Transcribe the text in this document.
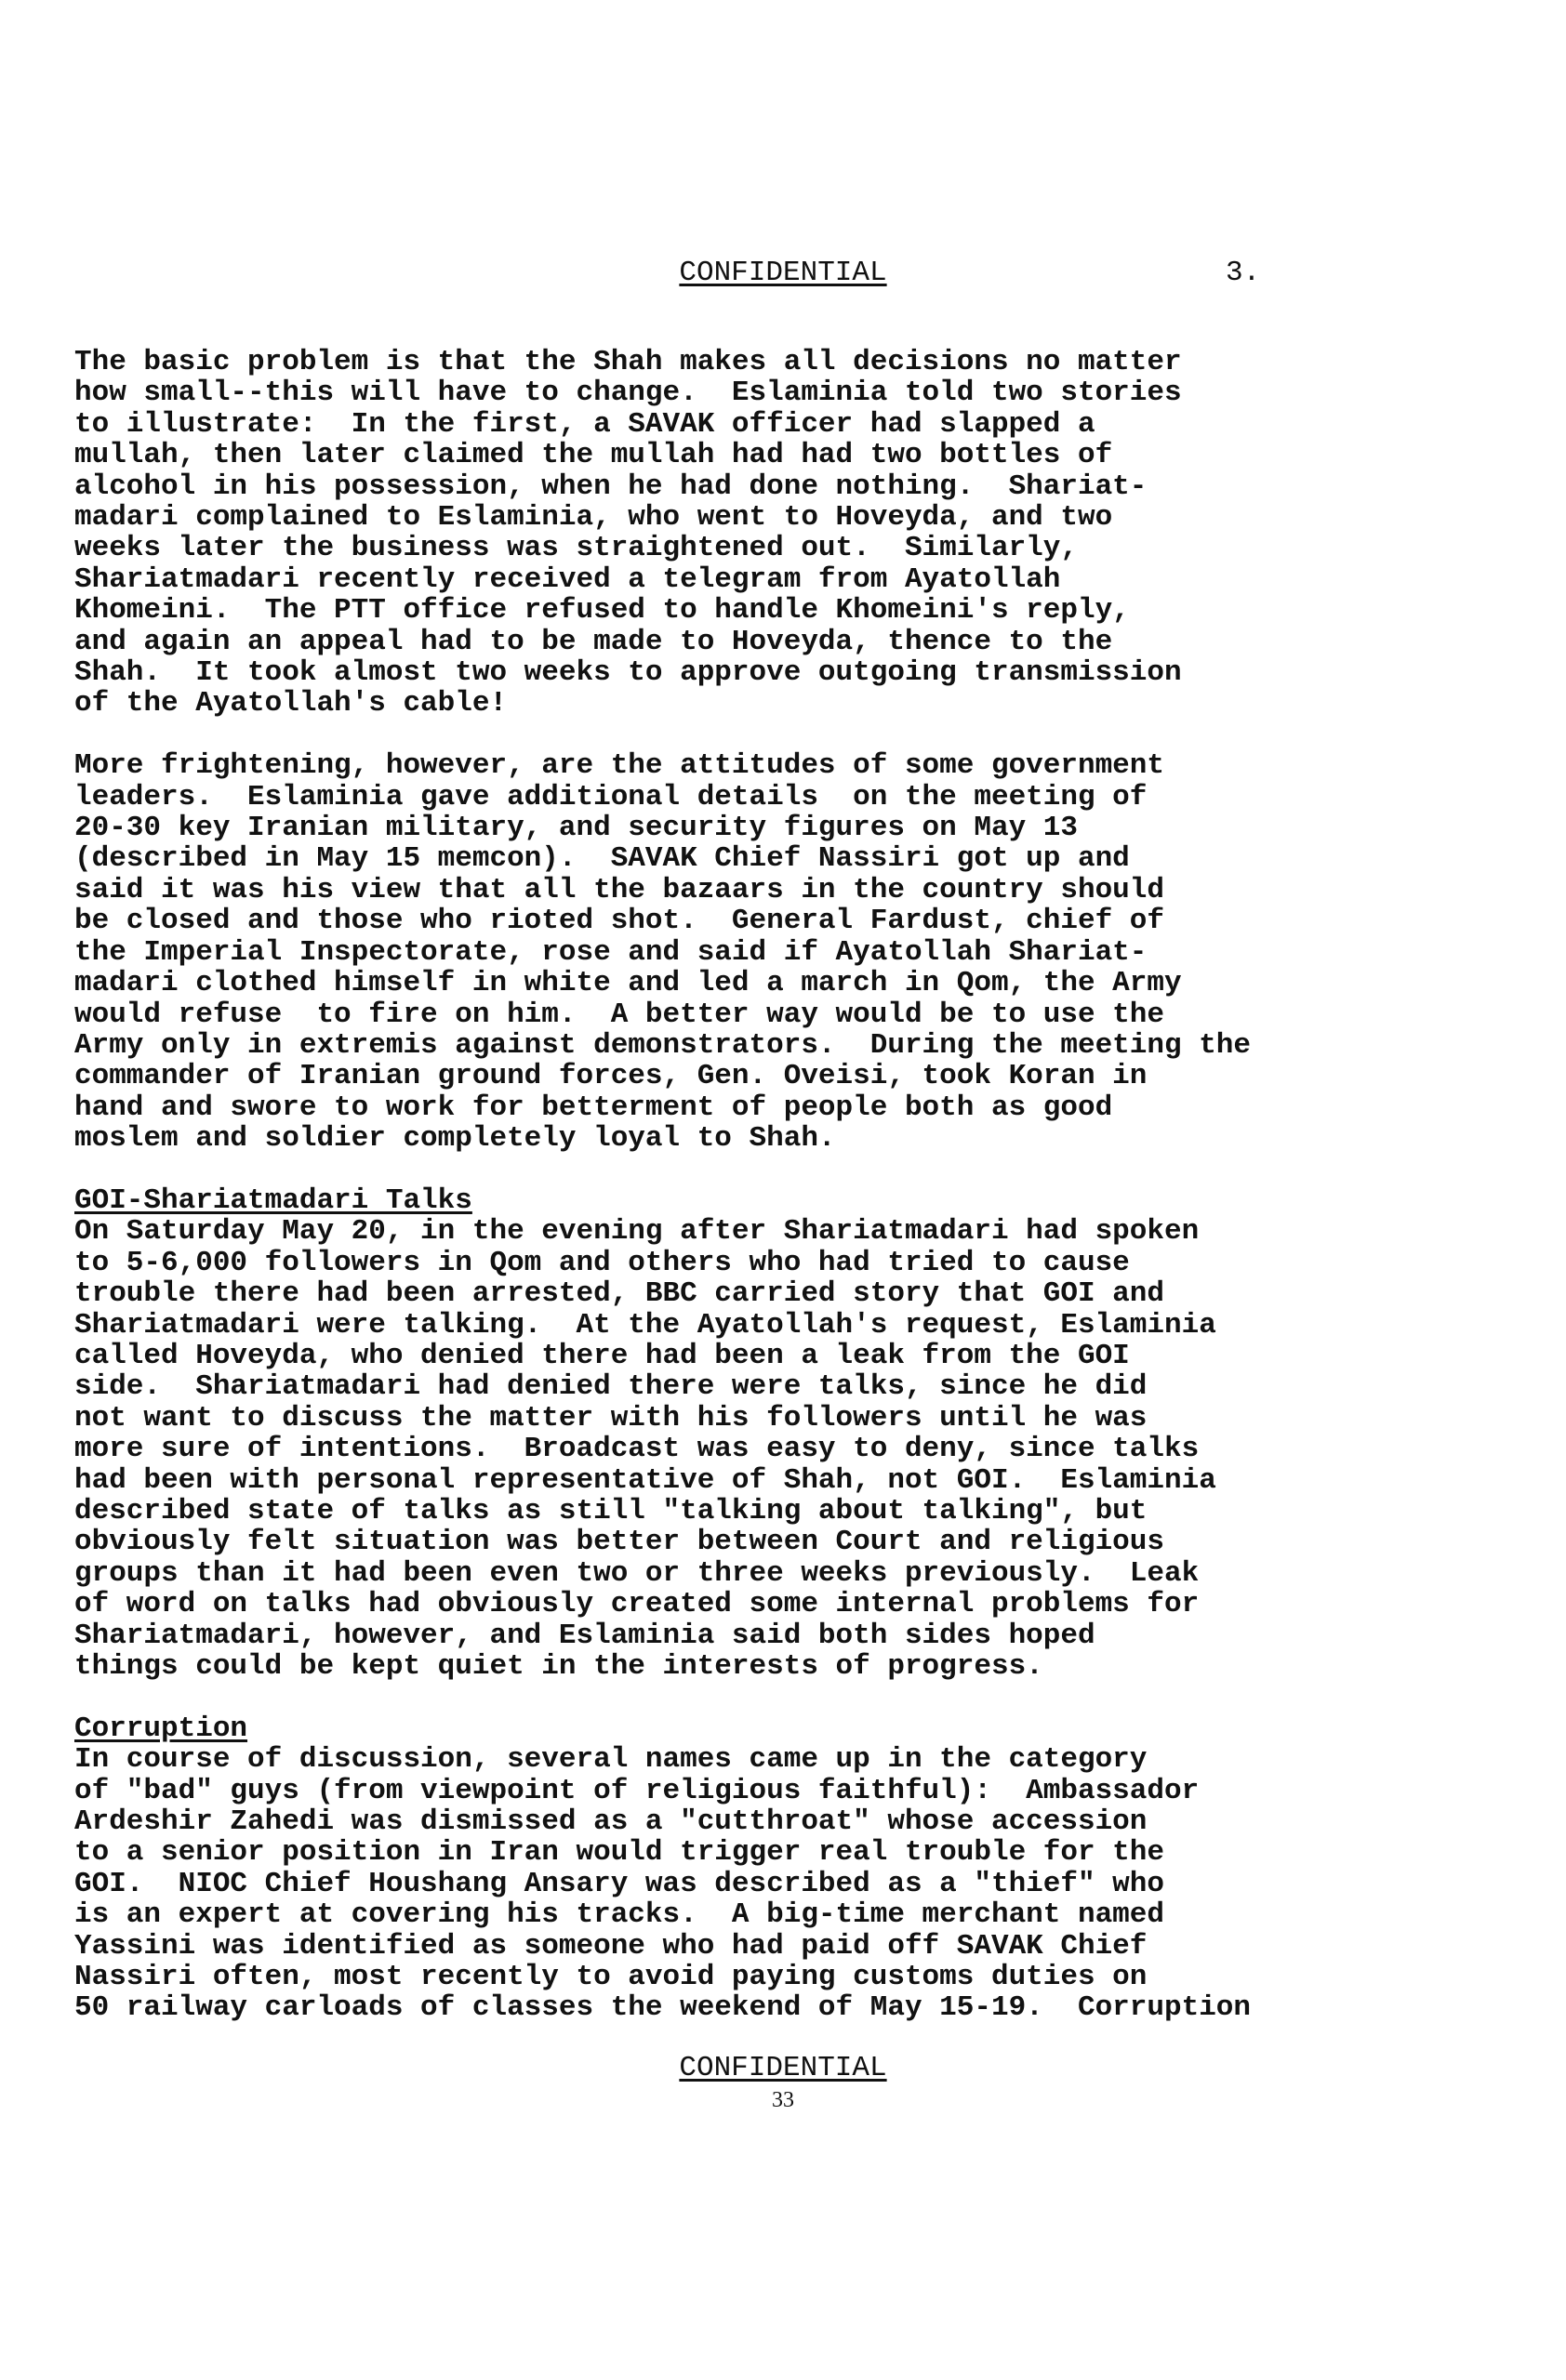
CONFIDENTIAL	3.

The basic problem is that the Shah makes all decisions no matter

how small--this will have to change.  Eslaminia told two stories

to illustrate:  In the first, a SAVAK officer had slapped a

mullah, then later claimed the mullah had had two bottles of

alcohol in his possession, when he had done nothing.  Shariat-

madari complained to Eslaminia, who went to Hoveyda, and two

weeks later the business was straightened out.  Similarly,

Shariatmadari recently received a telegram from Ayatollah

Khomeini.  The PTT office refused to handle Khomeini's reply,

and again an appeal had to be made to Hoveyda, thence to the

Shah.  It took almost two weeks to approve outgoing transmission

of the Ayatollah's cable!

More frightening, however, are the attitudes of some government

leaders.  Eslaminia gave additional details  on the meeting of

20-30 key Iranian military, and security figures on May 13

(described in May 15 memcon).  SAVAK Chief Nassiri got up and

said it was his view that all the bazaars in the country should

be closed and those who rioted shot.  General Fardust, chief of

the Imperial Inspectorate, rose and said if Ayatollah Shariat-

madari clothed himself in white and led a march in Qom, the Army

would refuse  to fire on him.  A better way would be to use the

Army only in extremis against demonstrators.  During the meeting the

commander of Iranian ground forces, Gen. Oveisi, took Koran in

hand and swore to work for betterment of people both as good

moslem and soldier completely loyal to Shah.

GOI-Shariatmadari Talks

On Saturday May 20, in the evening after Shariatmadari had spoken

to 5-6,000 followers in Qom and others who had tried to cause

trouble there had been arrested, BBC carried story that GOI and

Shariatmadari were talking.  At the Ayatollah's request, Eslaminia

called Hoveyda, who denied there had been a leak from the GOI

side.  Shariatmadari had denied there were talks, since he did

not want to discuss the matter with his followers until he was

more sure of intentions.  Broadcast was easy to deny, since talks

had been with personal representative of Shah, not GOI.  Eslaminia

described state of talks as still "talking about talking", but

obviously felt situation was better between Court and religious

groups than it had been even two or three weeks previously.  Leak

of word on talks had obviously created some internal problems for

Shariatmadari, however, and Eslaminia said both sides hoped

things could be kept quiet in the interests of progress.

Corruption

In course of discussion, several names came up in the category

of "bad" guys (from viewpoint of religious faithful):  Ambassador

Ardeshir Zahedi was dismissed as a "cutthroat" whose accession

to a senior position in Iran would trigger real trouble for the

GOI.  NIOC Chief Houshang Ansary was described as a "thief" who

is an expert at covering his tracks.  A big-time merchant named

Yassini was identified as someone who had paid off SAVAK Chief

Nassiri often, most recently to avoid paying customs duties on

50 railway carloads of classes the weekend of May 15-19.  Corruption

CONFIDENTIAL
33
